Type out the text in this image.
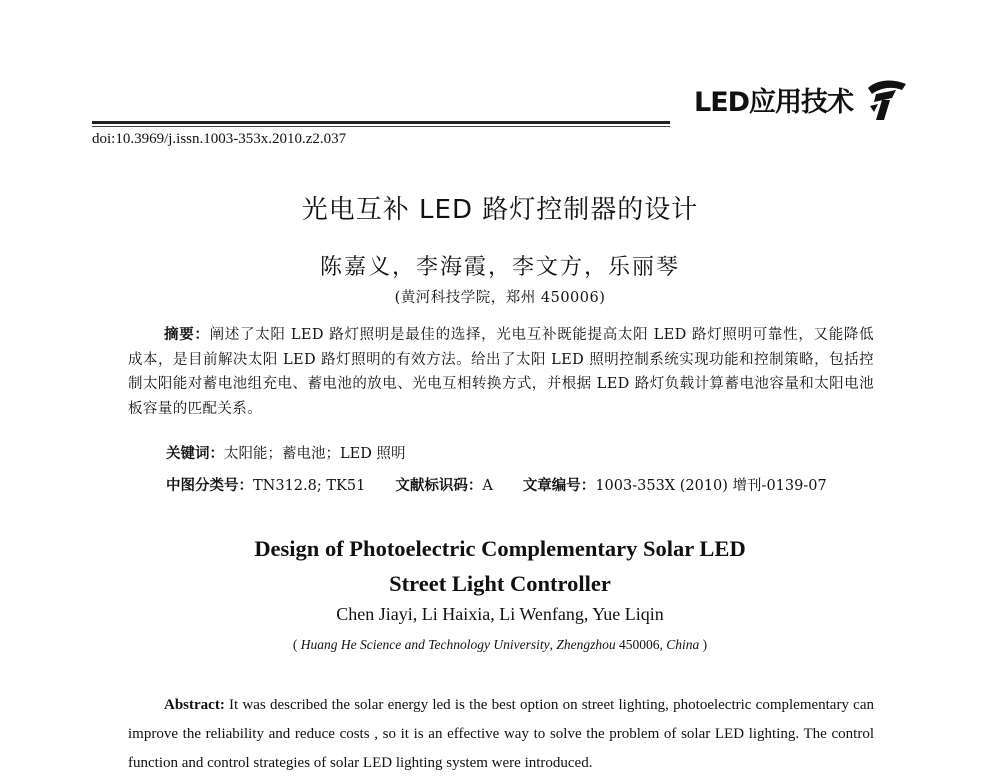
LED应用技术
doi:10.3969/j.issn.1003-353x.2010.z2.037
光电互补 LED 路灯控制器的设计
陈嘉义，李海霞，李文方，乐丽琴
(黄河科技学院，郑州 450006)
摘要：阐述了太阳 LED 路灯照明是最佳的选择，光电互补既能提高太阳 LED 路灯照明可靠性，又能降低成本，是目前解决太阳 LED 路灯照明的有效方法。给出了太阳 LED 照明控制系统实现功能和控制策略，包括控制太阳能对蓄电池组充电、蓄电池的放电、光电互相转换方式，并根据 LED 路灯负载计算蓄电池容量和太阳电池板容量的匹配关系。
关键词：太阳能；蓄电池；LED 照明
中图分类号：TN312.8; TK51 文献标识码：A 文章编号：1003-353X (2010) 增刊-0139-07
Design of Photoelectric Complementary Solar LED
Street Light Controller
Chen Jiayi, Li Haixia, Li Wenfang, Yue Liqin
( Huang He Science and Technology University, Zhengzhou 450006, China )
Abstract: It was described the solar energy led is the best option on street lighting, photoelectric complementary can improve the reliability and reduce costs , so it is an effective way to solve the problem of solar LED lighting. The control function and control strategies of solar LED lighting system were introduced.
